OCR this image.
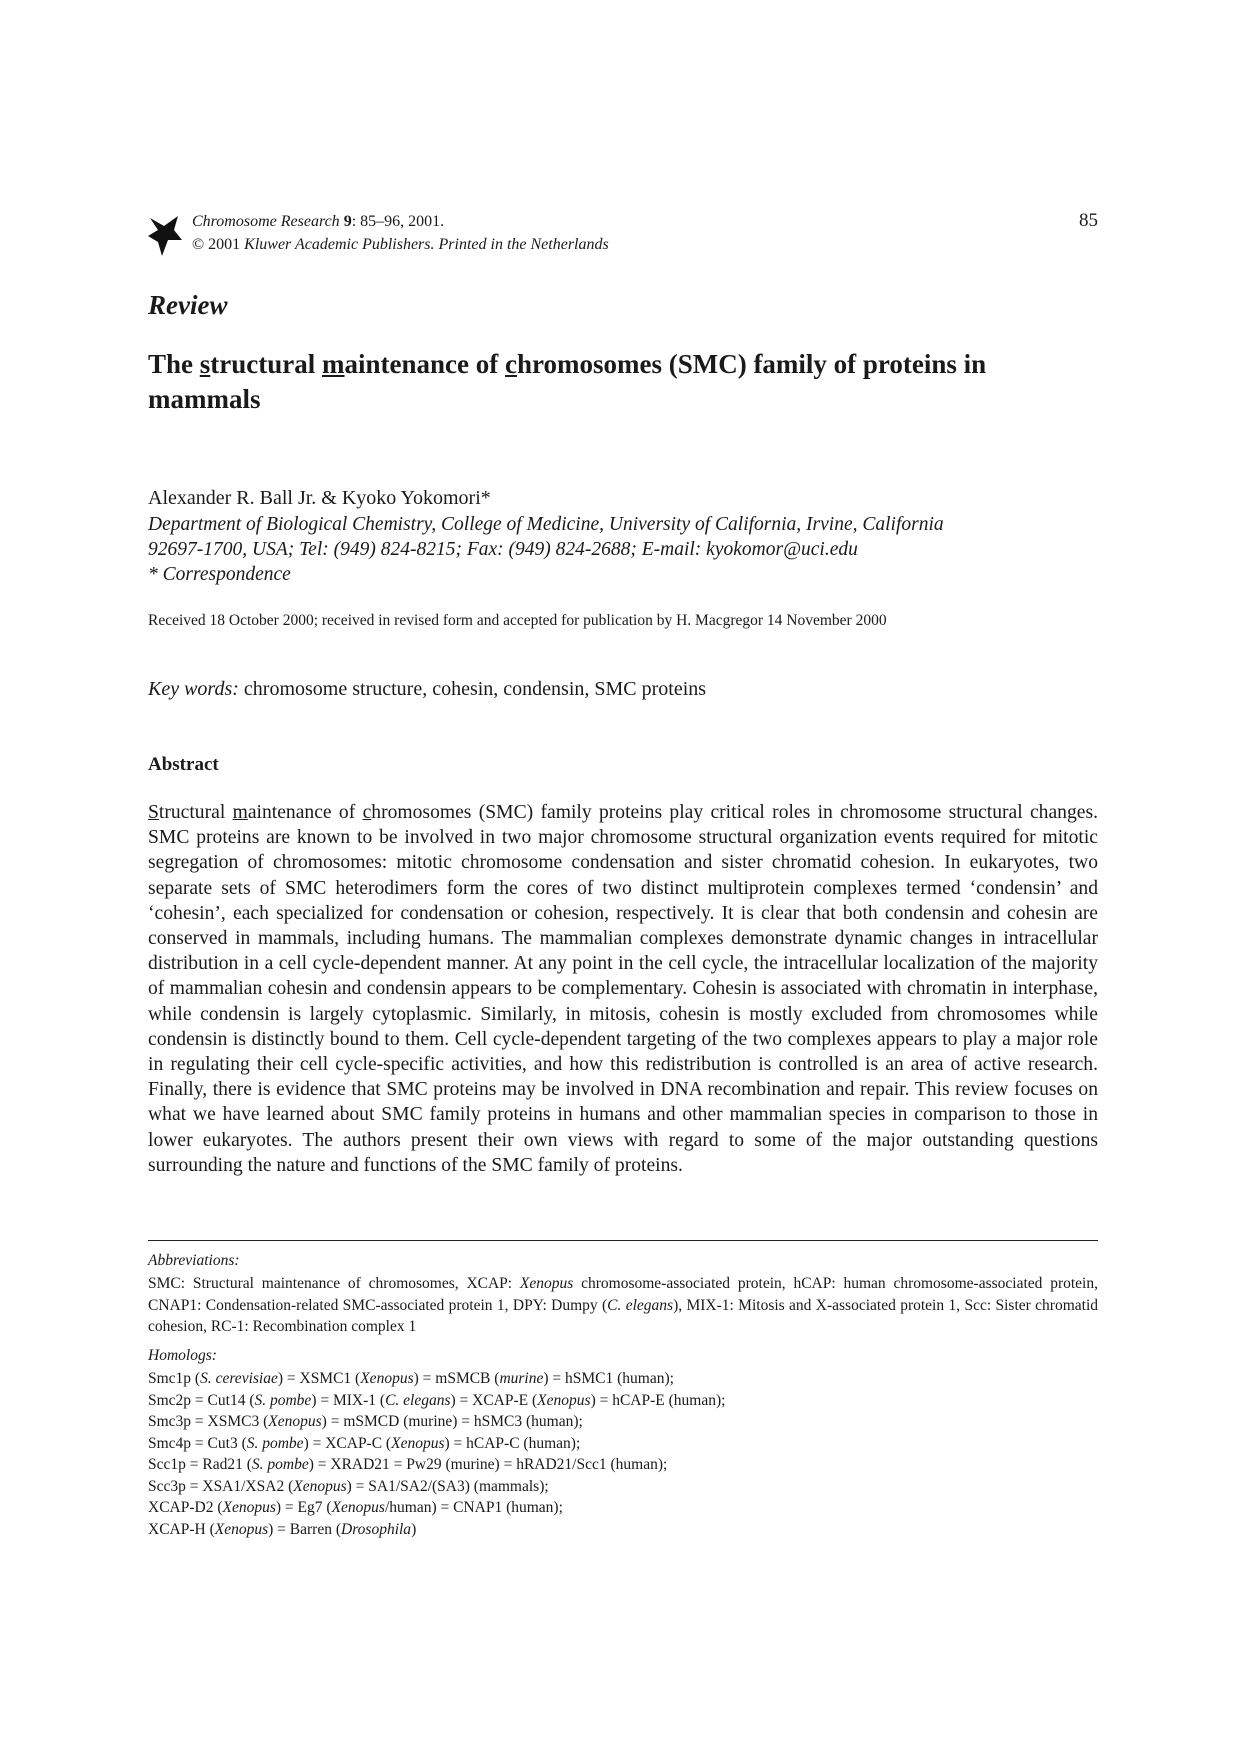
Chromosome Research 9: 85–96, 2001.
© 2001 Kluwer Academic Publishers. Printed in the Netherlands
85
Review
The structural maintenance of chromosomes (SMC) family of proteins in mammals
Alexander R. Ball Jr. & Kyoko Yokomori*
Department of Biological Chemistry, College of Medicine, University of California, Irvine, California
92697-1700, USA; Tel: (949) 824-8215; Fax: (949) 824-2688; E-mail: kyokomor@uci.edu
* Correspondence
Received 18 October 2000; received in revised form and accepted for publication by H. Macgregor 14 November 2000
Key words: chromosome structure, cohesin, condensin, SMC proteins
Abstract

Structural maintenance of chromosomes (SMC) family proteins play critical roles in chromosome structural changes. SMC proteins are known to be involved in two major chromosome structural organization events required for mitotic segregation of chromosomes: mitotic chromosome condensation and sister chromatid cohesion. In eukaryotes, two separate sets of SMC heterodimers form the cores of two distinct multiprotein complexes termed ‘condensin’ and ‘cohesin’, each specialized for condensation or cohesion, respectively. It is clear that both condensin and cohesin are conserved in mammals, including humans. The mammalian complexes demonstrate dynamic changes in intracellular distribution in a cell cycle-dependent manner. At any point in the cell cycle, the intracellular localization of the majority of mammalian cohesin and condensin appears to be complementary. Cohesin is associated with chromatin in interphase, while condensin is largely cytoplasmic. Similarly, in mitosis, cohesin is mostly excluded from chromosomes while condensin is distinctly bound to them. Cell cycle-dependent targeting of the two complexes appears to play a major role in regulating their cell cycle-specific activities, and how this redistribution is controlled is an area of active research. Finally, there is evidence that SMC proteins may be involved in DNA recombination and repair. This review focuses on what we have learned about SMC family proteins in humans and other mammalian species in comparison to those in lower eukaryotes. The authors present their own views with regard to some of the major outstanding questions surrounding the nature and functions of the SMC family of proteins.

Abbreviations:

SMC: Structural maintenance of chromosomes, XCAP: Xenopus chromosome-associated protein, hCAP: human chromosome-associated protein, CNAP1: Condensation-related SMC-associated protein 1, DPY: Dumpy (C. elegans), MIX-1: Mitosis and X-associated protein 1, Scc: Sister chromatid cohesion, RC-1: Recombination complex 1

Homologs:
Smc1p (S. cerevisiae) = XSMC1 (Xenopus) = mSMCB (murine) = hSMC1 (human);
Smc2p = Cut14 (S. pombe) = MIX-1 (C. elegans) = XCAP-E (Xenopus) = hCAP-E (human);
Smc3p = XSMC3 (Xenopus) = mSMCD (murine) = hSMC3 (human);
Smc4p = Cut3 (S. pombe) = XCAP-C (Xenopus) = hCAP-C (human);
Scc1p = Rad21 (S. pombe) = XRAD21 = Pw29 (murine) = hRAD21/Scc1 (human);
Scc3p = XSA1/XSA2 (Xenopus) = SA1/SA2/(SA3) (mammals);
XCAP-D2 (Xenopus) = Eg7 (Xenopus/human) = CNAP1 (human);
XCAP-H (Xenopus) = Barren (Drosophila)
